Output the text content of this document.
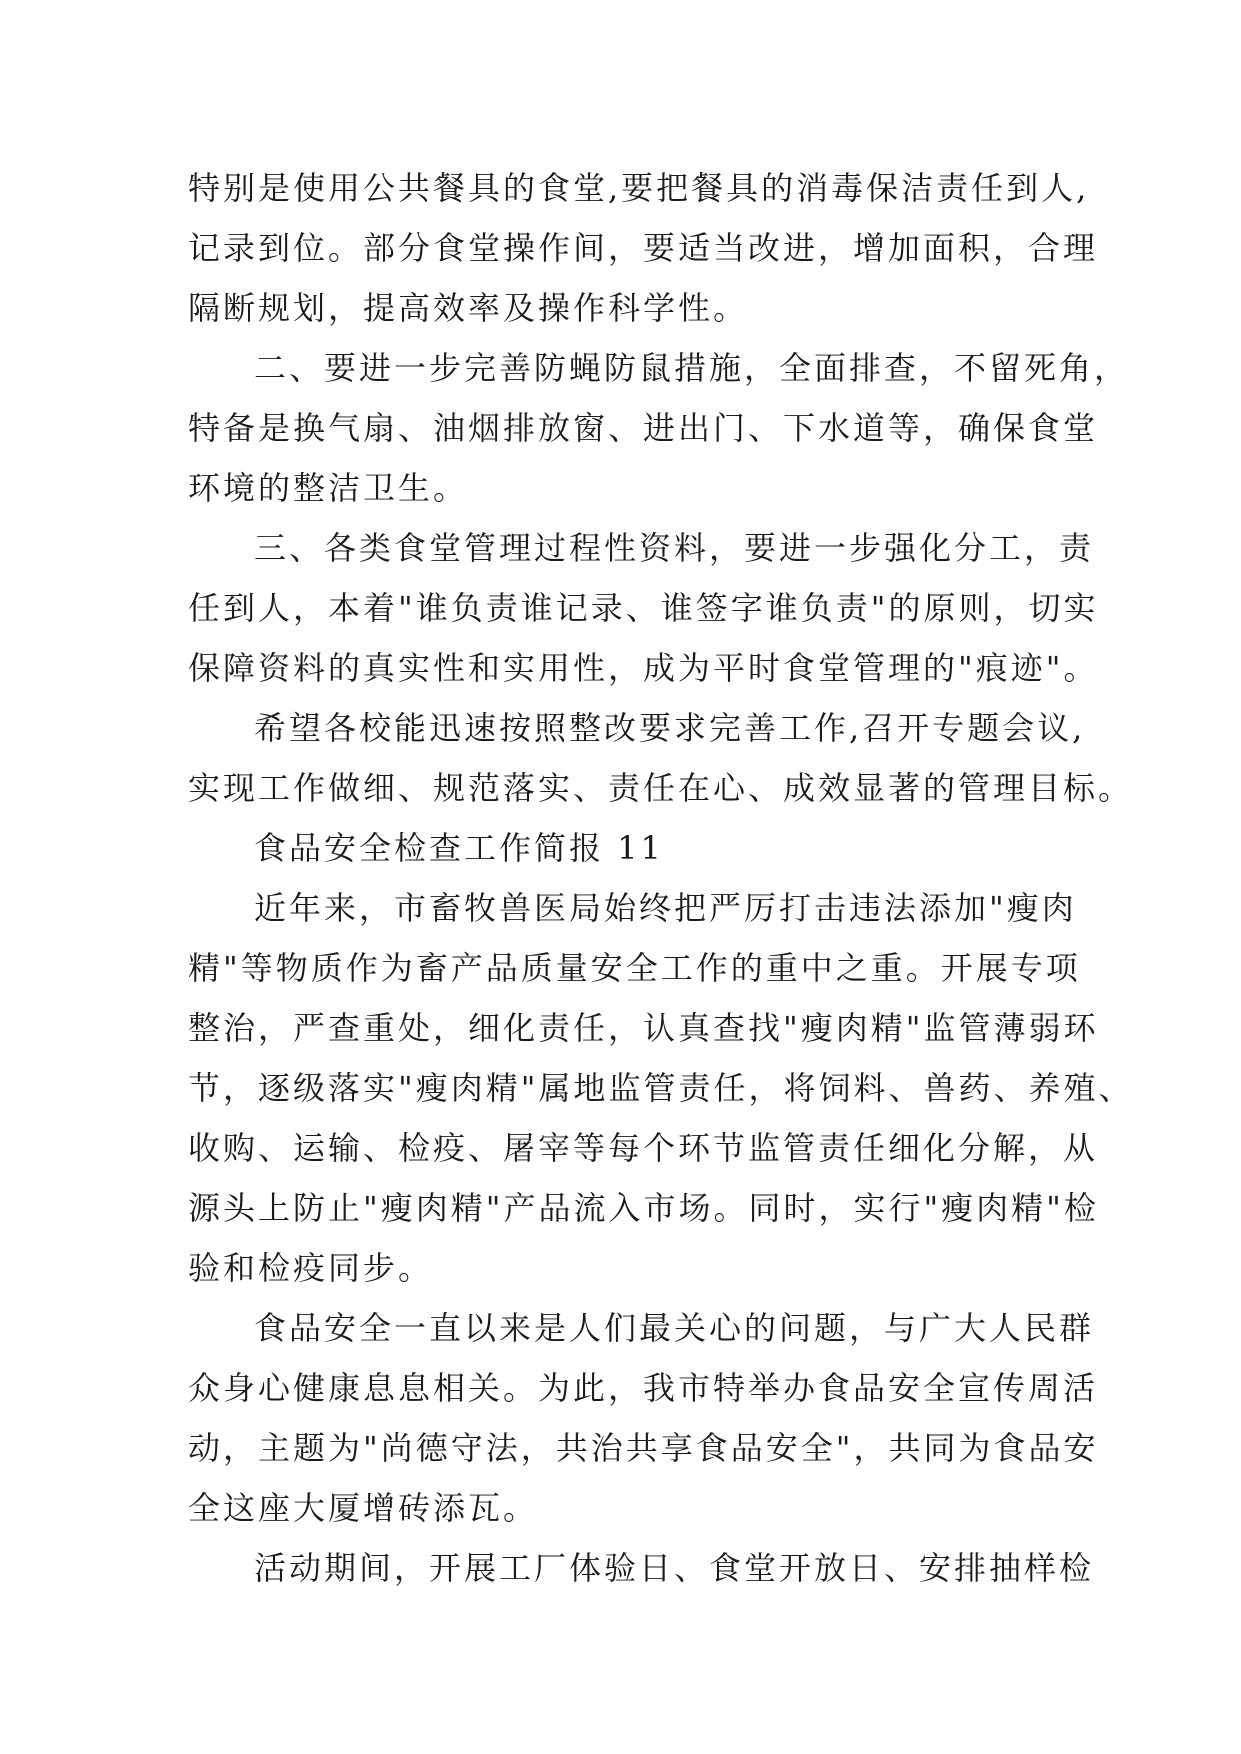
特别是使用公共餐具的食堂,要把餐具的消毒保洁责任到人,
记录到位。部分食堂操作间，要适当改进，增加面积，合理
隔断规划，提高效率及操作科学性。
二、要进一步完善防蝇防鼠措施，全面排查，不留死角，
特备是换气扇、油烟排放窗、进出门、下水道等，确保食堂
环境的整洁卫生。
三、各类食堂管理过程性资料，要进一步强化分工，责
任到人，本着"谁负责谁记录、谁签字谁负责"的原则，切实
保障资料的真实性和实用性，成为平时食堂管理的"痕迹"。
希望各校能迅速按照整改要求完善工作,召开专题会议,
实现工作做细、规范落实、责任在心、成效显著的管理目标。
食品安全检查工作简报 11
近年来，市畜牧兽医局始终把严厉打击违法添加"瘦肉
精"等物质作为畜产品质量安全工作的重中之重。开展专项
整治，严查重处，细化责任，认真查找"瘦肉精"监管薄弱环
节，逐级落实"瘦肉精"属地监管责任，将饲料、兽药、养殖、
收购、运输、检疫、屠宰等每个环节监管责任细化分解，从
源头上防止"瘦肉精"产品流入市场。同时，实行"瘦肉精"检
验和检疫同步。
食品安全一直以来是人们最关心的问题，与广大人民群
众身心健康息息相关。为此，我市特举办食品安全宣传周活
动，主题为"尚德守法，共治共享食品安全"，共同为食品安
全这座大厦增砖添瓦。
活动期间，开展工厂体验日、食堂开放日、安排抽样检
